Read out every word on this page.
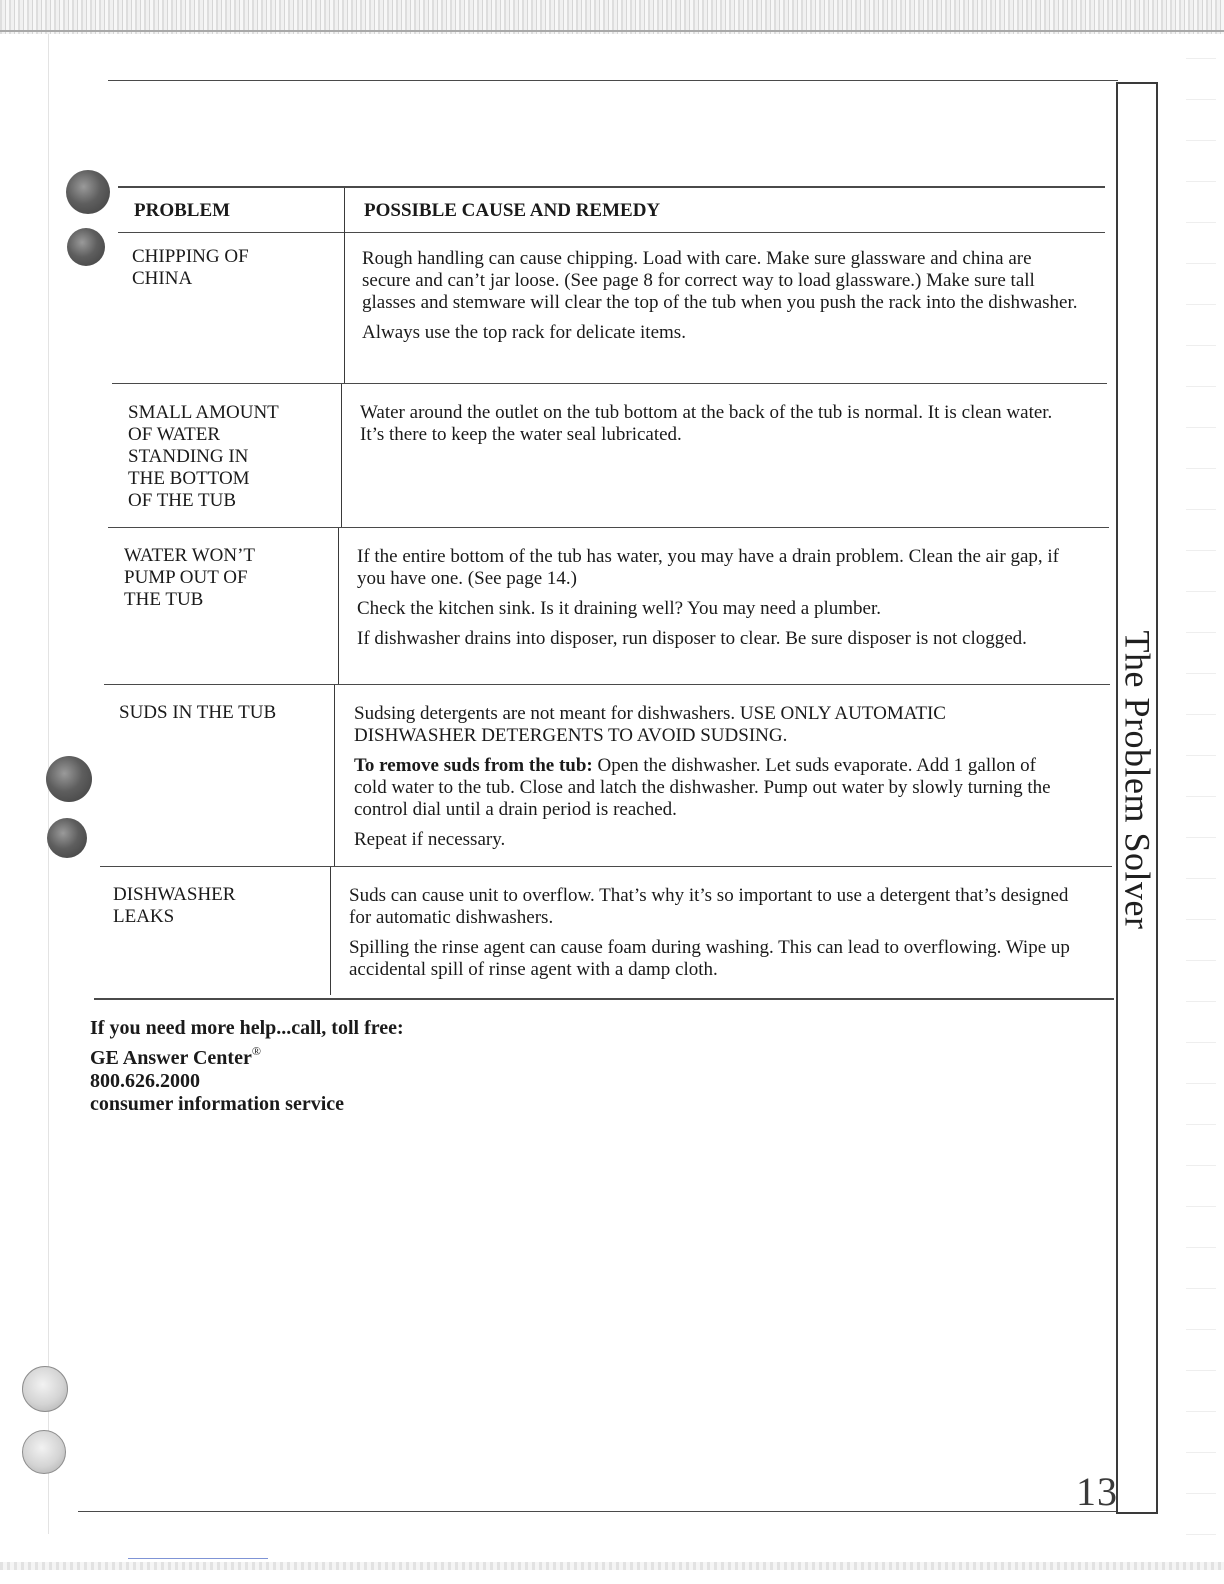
The Problem Solver
13
PROBLEM	POSSIBLE CAUSE AND REMEDY
CHIPPING OF
CHINA

Rough handling can cause chipping. Load with care. Make sure glassware and china are secure and can’t jar loose. (See page 8 for correct way to load glassware.) Make sure tall glasses and stemware will clear the top of the tub when you push the rack into the dishwasher.

Always use the top rack for delicate items.

SMALL AMOUNT
OF WATER
STANDING IN
THE BOTTOM
OF THE TUB

Water around the outlet on the tub bottom at the back of the tub is normal. It is clean water. It’s there to keep the water seal lubricated.

WATER WON’T
PUMP OUT OF
THE TUB

If the entire bottom of the tub has water, you may have a drain problem. Clean the air gap, if you have one. (See page 14.)

Check the kitchen sink. Is it draining well? You may need a plumber.

If dishwasher drains into disposer, run disposer to clear. Be sure disposer is not clogged.

SUDS IN THE TUB	Sudsing detergents are not meant for dishwashers. USE ONLY AUTOMATIC DISHWASHER DETERGENTS TO AVOID SUDSING.

To remove suds from the tub: Open the dishwasher. Let suds evaporate. Add 1 gallon of cold water to the tub. Close and latch the dishwasher. Pump out water by slowly turning the control dial until a drain period is reached.

Repeat if necessary.

DISHWASHER
LEAKS

Suds can cause unit to overflow. That’s why it’s so important to use a detergent that’s designed for automatic dishwashers.

Spilling the rinse agent can cause foam during washing. This can lead to overflowing. Wipe up accidental spill of rinse agent with a damp cloth.

If you need more help...call, toll free:
GE Answer Center®
800.626.2000
consumer information service
